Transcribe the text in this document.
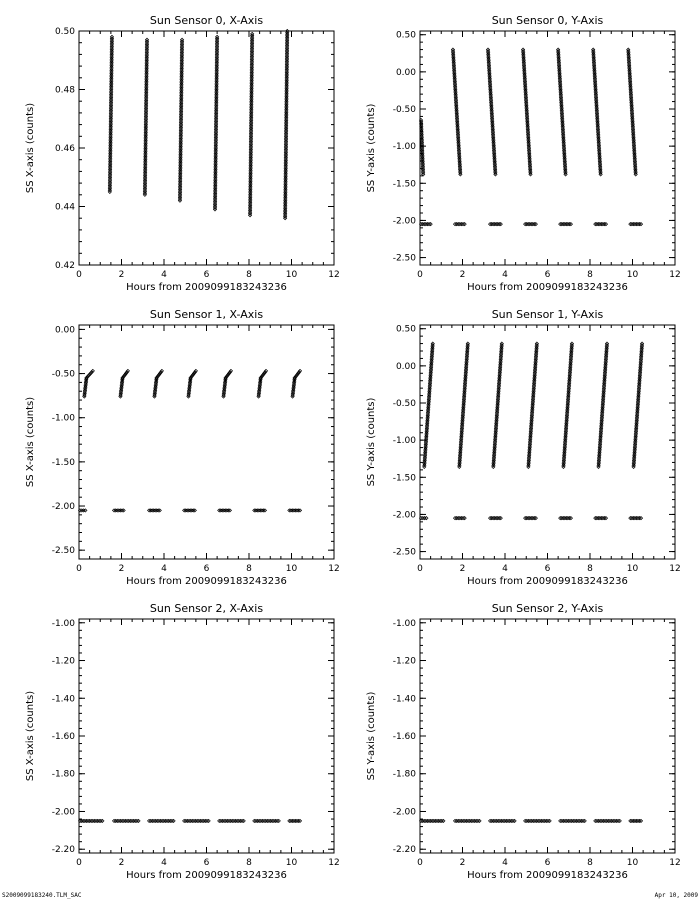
Sun Sensor 0, X-Axis
0	2	4	6	8	10	12
0.42
0.44
0.46
0.48
0.50
Hours from 2009099183243236
SS X-axis (counts)
Sun Sensor 0, Y-Axis
0	2	4	6	8	10	12
-2.50
-2.00
-1.50
-1.00
-0.50
0.00
0.50
Hours from 2009099183243236
SS Y-axis (counts)
Sun Sensor 1, X-Axis
0	2	4	6	8	10	12
-2.50
-2.00
-1.50
-1.00
-0.50
0.00
Hours from 2009099183243236
SS X-axis (counts)
Sun Sensor 1, Y-Axis
0	2	4	6	8	10	12
-2.50
-2.00
-1.50
-1.00
-0.50
0.00
0.50
Hours from 2009099183243236
SS Y-axis (counts)
Sun Sensor 2, X-Axis
0	2	4	6	8	10	12
-2.20
-2.00
-1.80
-1.60
-1.40
-1.20
-1.00
Hours from 2009099183243236
SS X-axis (counts)
Sun Sensor 2, Y-Axis
0	2	4	6	8	10	12
-2.20
-2.00
-1.80
-1.60
-1.40
-1.20
-1.00
Hours from 2009099183243236
SS Y-axis (counts)
S2009099183240.TLM_SAC	Apr 10, 2009
